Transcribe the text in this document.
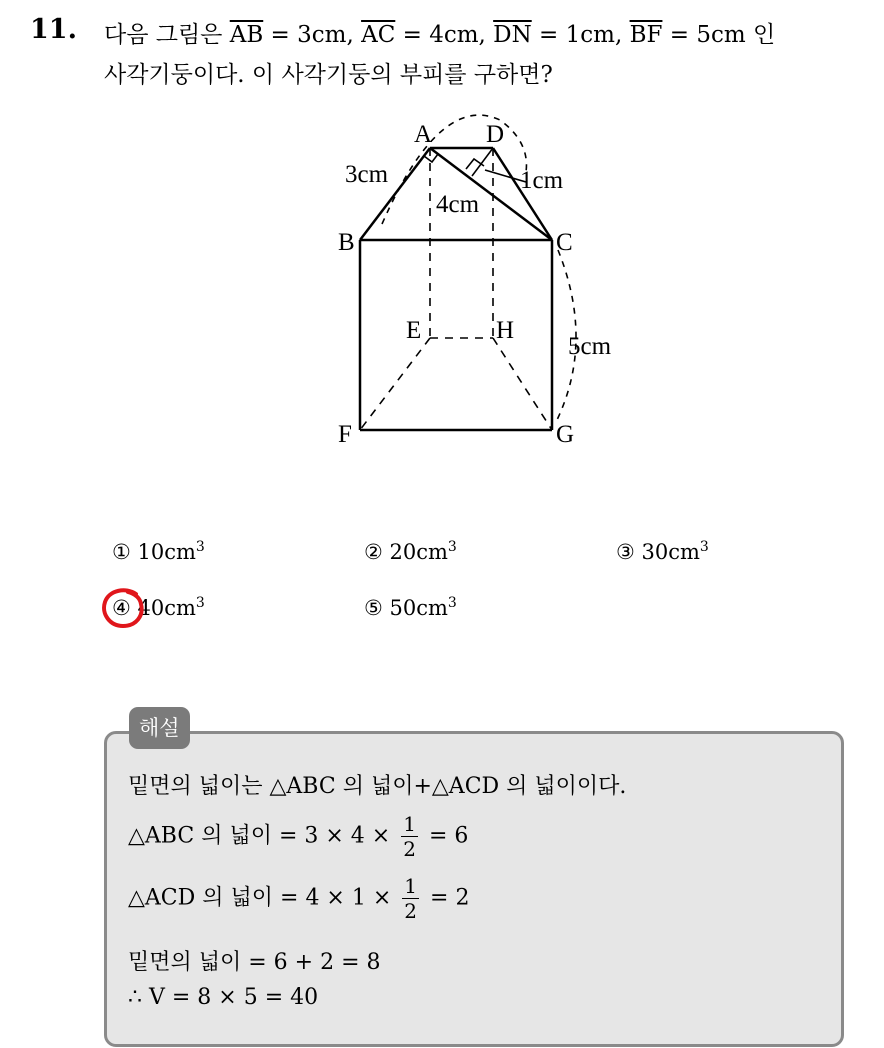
11. 다음 그림은 $\overline{AB} = 3cm$, $\overline{AC} = 4cm$, $\overline{DN} = 1cm$, $\overline{BF} = 5cm$ 인
사각기둥이다. 이 사각기둥의 부피를 구하면?
A D
B	C
E	H
F	G
3cm
4cm
1cm
5cm
① $10cm^3$	② $20cm^3$	③ $30cm^3$
④ $40cm^3$	⑤ $50cm^3$
해설
밑면의 넓이는 △ABC 의 넓이+△ACD 의 넓이이다.
△ABC 의 넓이 = $3 \times 4 \times \frac{1}{2} = 6$
△ACD 의 넓이 = $4 \times 1 \times \frac{1}{2} = 2$
밑면의 넓이 = 6 + 2 = 8
∴ V = 8 × 5 = 40
